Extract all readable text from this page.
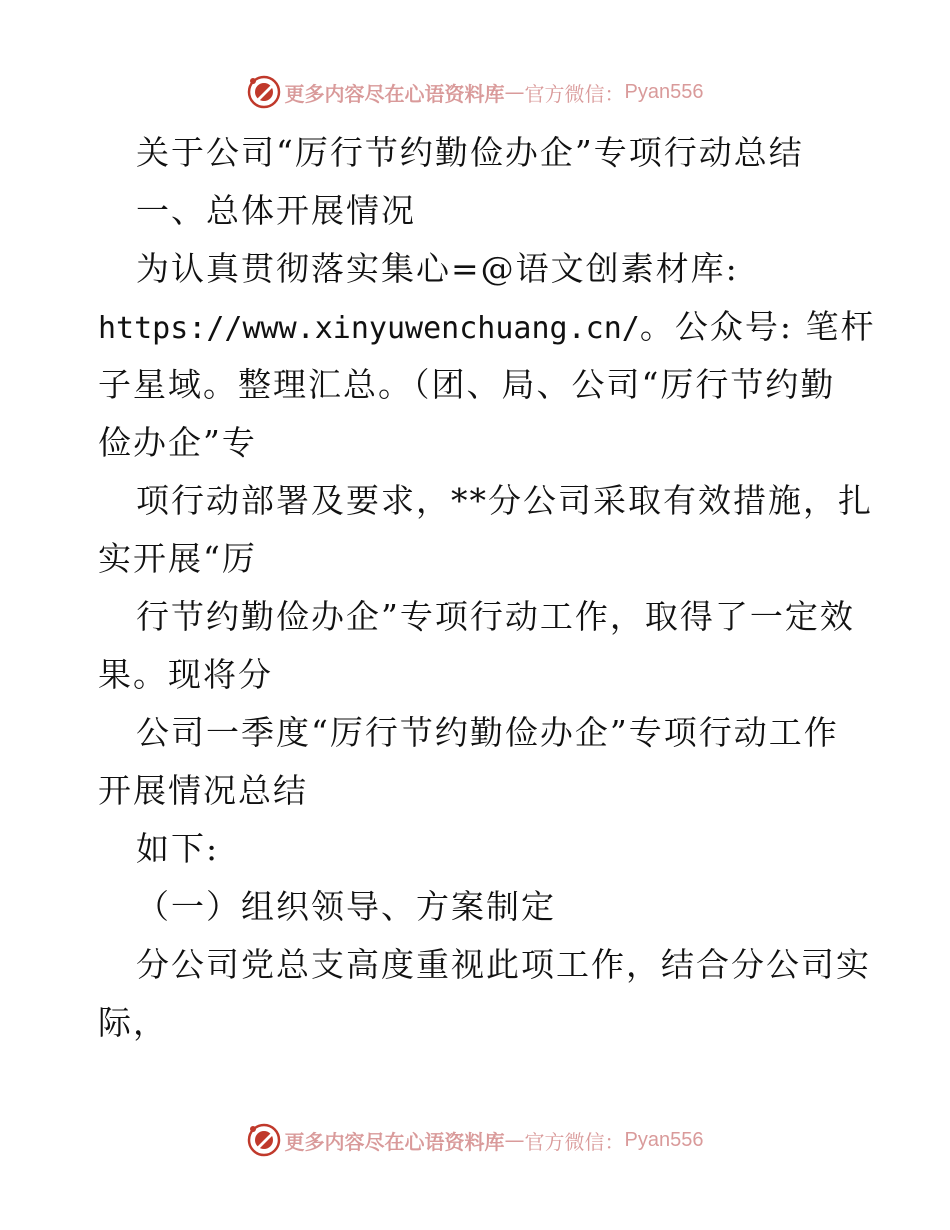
更多内容尽在心语资料库 — 官方微信： Pyan556
关于公司“厉行节约勤俭办企”专项行动总结
一、总体开展情况
为认真贯彻落实集心=@语文创素材库:
https://www.xinyuwenchuang.cn/。公众号: 笔杆
子星域。整理汇总。（团、局、公司“厉行节约勤
俭办企”专
项行动部署及要求，**分公司采取有效措施，扎
实开展“厉
行节约勤俭办企”专项行动工作，取得了一定效
果。现将分
公司一季度“厉行节约勤俭办企”专项行动工作
开展情况总结
如下:
（一）组织领导、方案制定
分公司党总支高度重视此项工作，结合分公司实
际，
更多内容尽在心语资料库 — 官方微信： Pyan556
